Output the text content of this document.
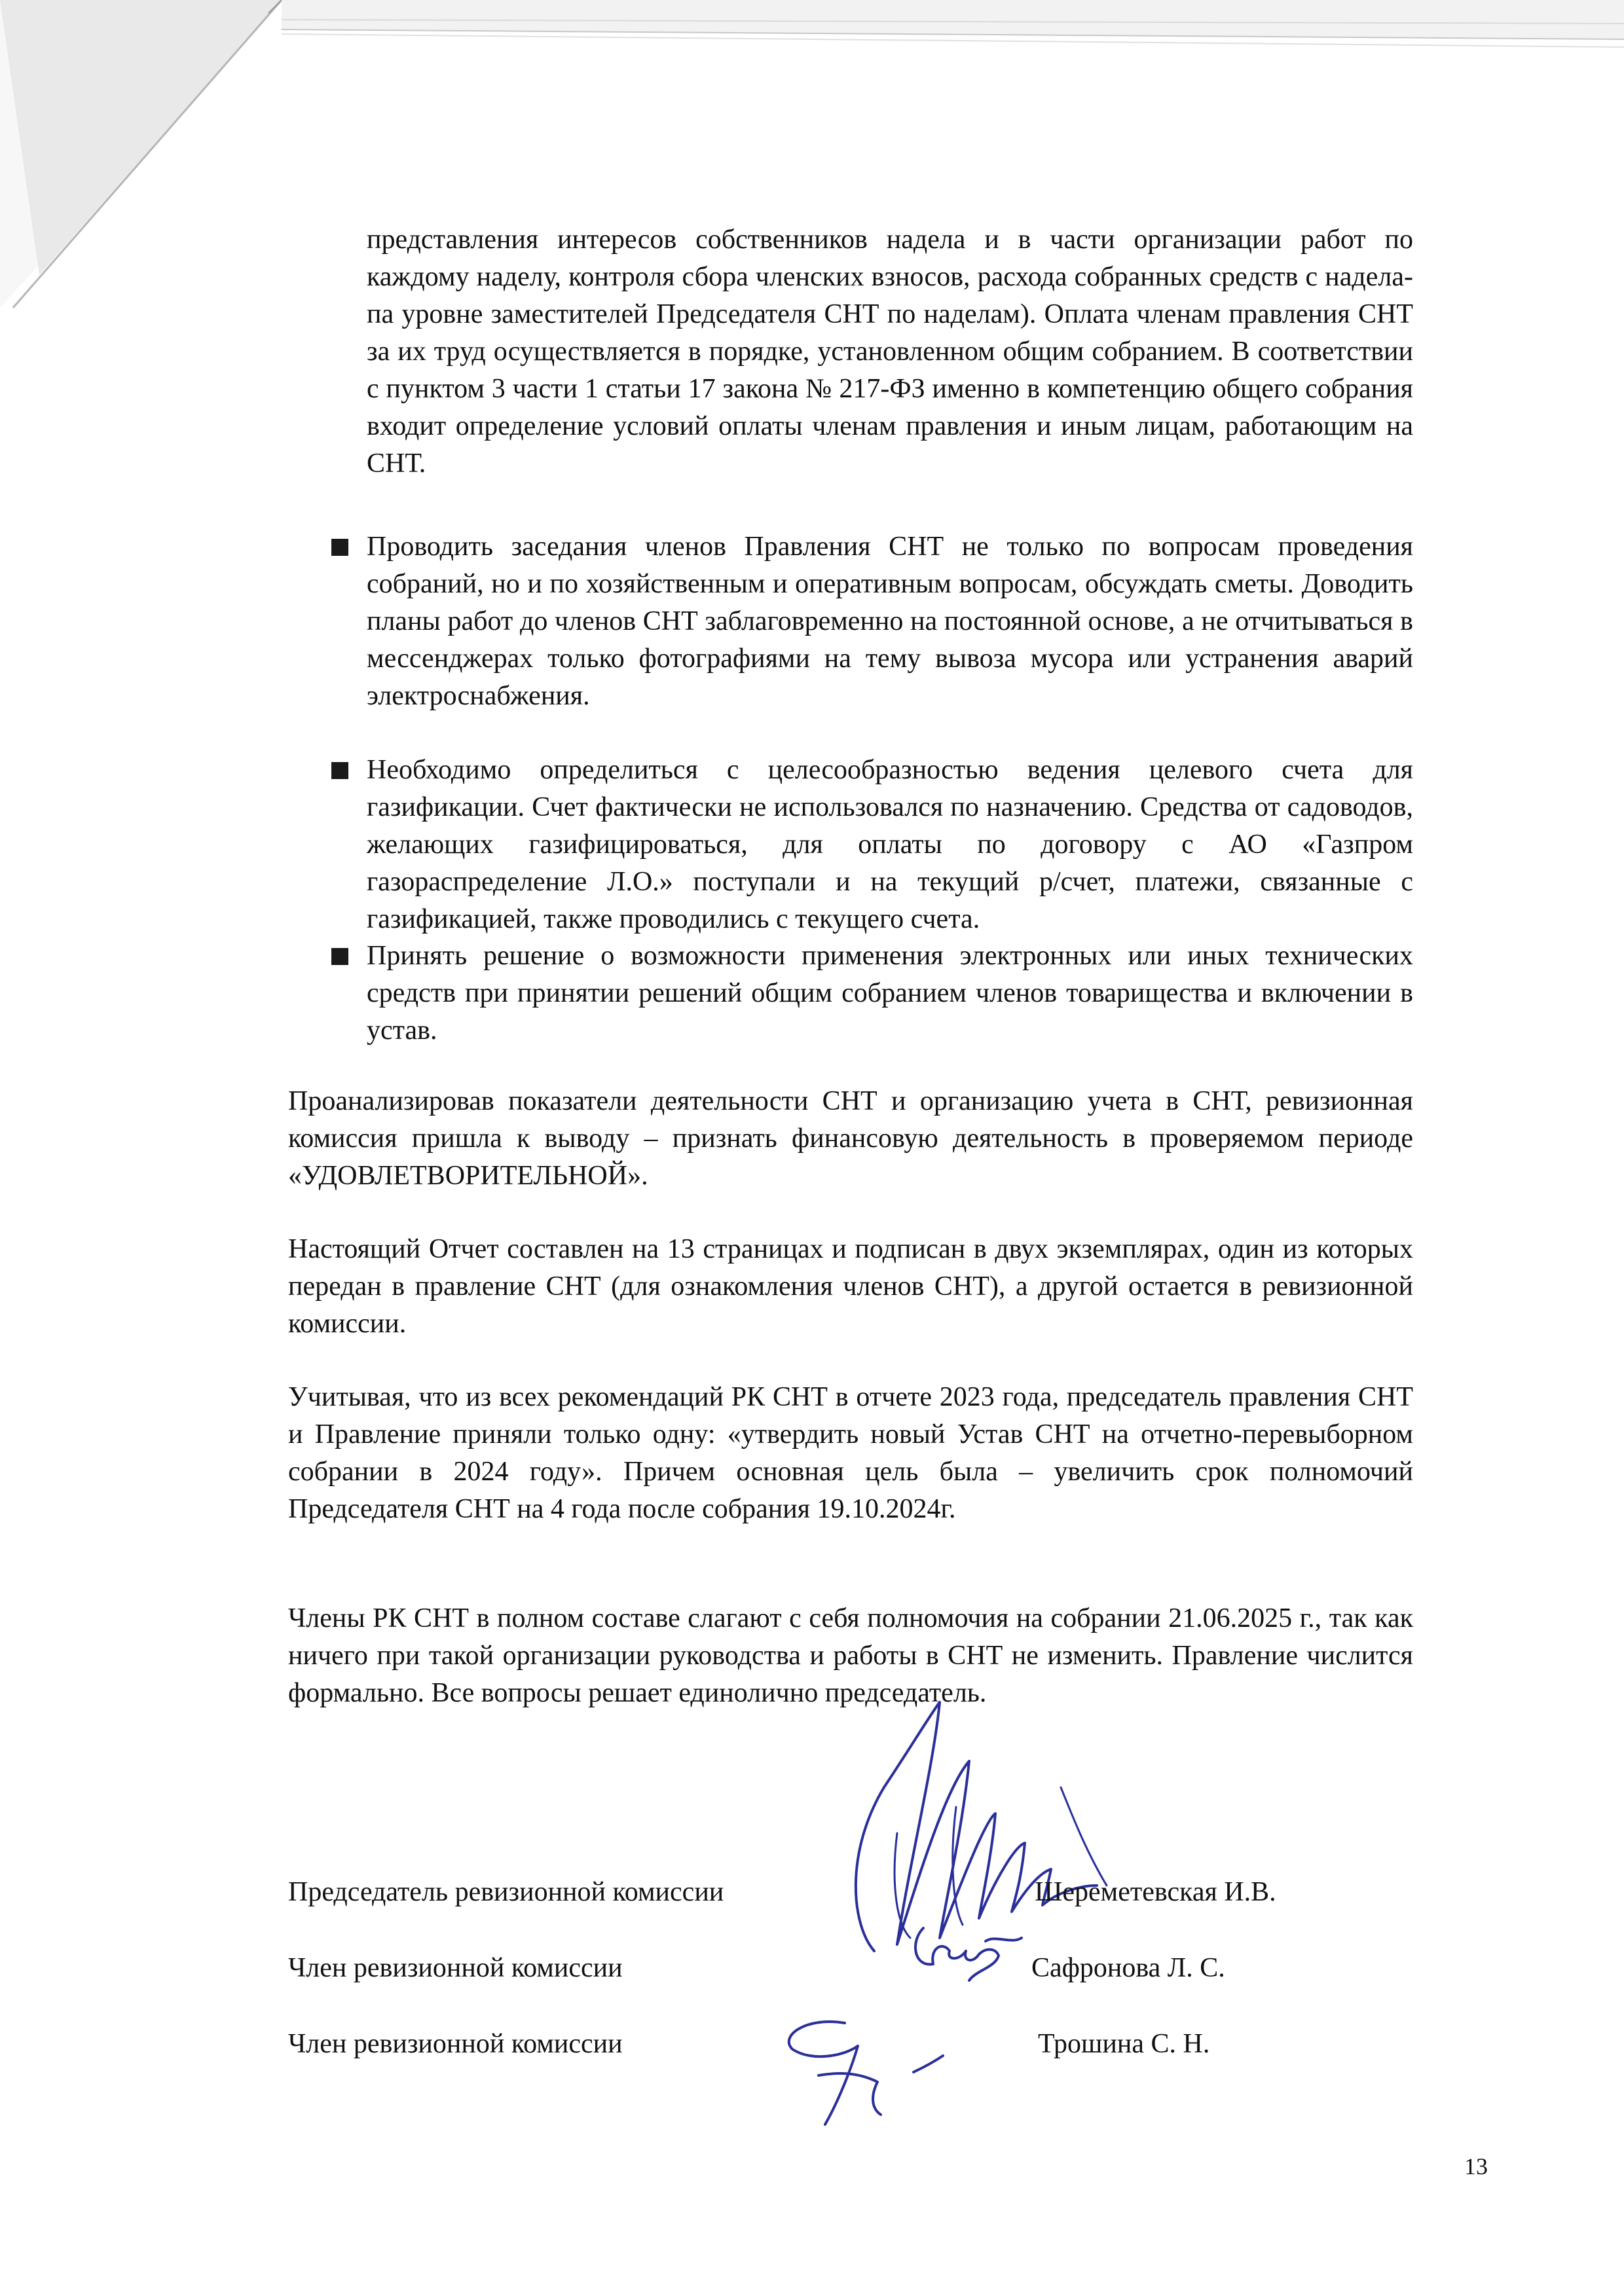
представления интересов собственников надела и в части организации работ по каждому наделу, контроля сбора членских взносов, расхода собранных средств с надела- па уровне заместителей Председателя СНТ по наделам). Оплата членам правления СНТ за их труд осуществляется в порядке, установленном общим собранием. В соответствии с пунктом 3 части 1 статьи 17 закона № 217-ФЗ именно в компетенцию общего собрания входит определение условий оплаты членам правления и иным лицам, работающим на СНТ.

Проводить заседания членов Правления СНТ не только по вопросам проведения собраний, но и по хозяйственным и оперативным вопросам, обсуждать сметы. Доводить планы работ до членов СНТ заблаговременно на постоянной основе, а не отчитываться в мессенджерах только фотографиями на тему вывоза мусора или устранения аварий электроснабжения.
Необходимо определиться с целесообразностью ведения целевого счета для газификации. Счет фактически не использовался по назначению. Средства от садоводов, желающих газифицироваться, для оплаты по договору с АО «Газпром газораспределение Л.О.» поступали и на текущий р/счет, платежи, связанные с газификацией, также проводились с текущего счета.
Принять решение о возможности применения электронных или иных технических средств при принятии решений общим собранием членов товарищества и включении в устав.

Проанализировав показатели деятельности СНТ и организацию учета в СНТ, ревизионная комиссия пришла к выводу – признать финансовую деятельность в проверяемом периоде «УДОВЛЕТВОРИТЕЛЬНОЙ».

Настоящий Отчет составлен на 13 страницах и подписан в двух экземплярах, один из которых передан в правление СНТ (для ознакомления членов СНТ), а другой остается в ревизионной комиссии.

Учитывая, что из всех рекомендаций РК СНТ в отчете 2023 года, председатель правления СНТ и Правление приняли только одну: «утвердить новый Устав СНТ на отчетно-перевыборном собрании в 2024 году». Причем основная цель была – увеличить срок полномочий Председателя СНТ на 4 года после собрания 19.10.2024г.

Члены РК СНТ в полном составе слагают с себя полномочия на собрании 21.06.2025 г., так как ничего при такой организации руководства и работы в СНТ не изменить. Правление числится формально. Все вопросы решает единолично председатель.

Председатель ревизионной комиссии	Шереметевская И.В.
Член ревизионной комиссии	Сафронова Л. С.
Член ревизионной комиссии	Трошина С. Н.
13
